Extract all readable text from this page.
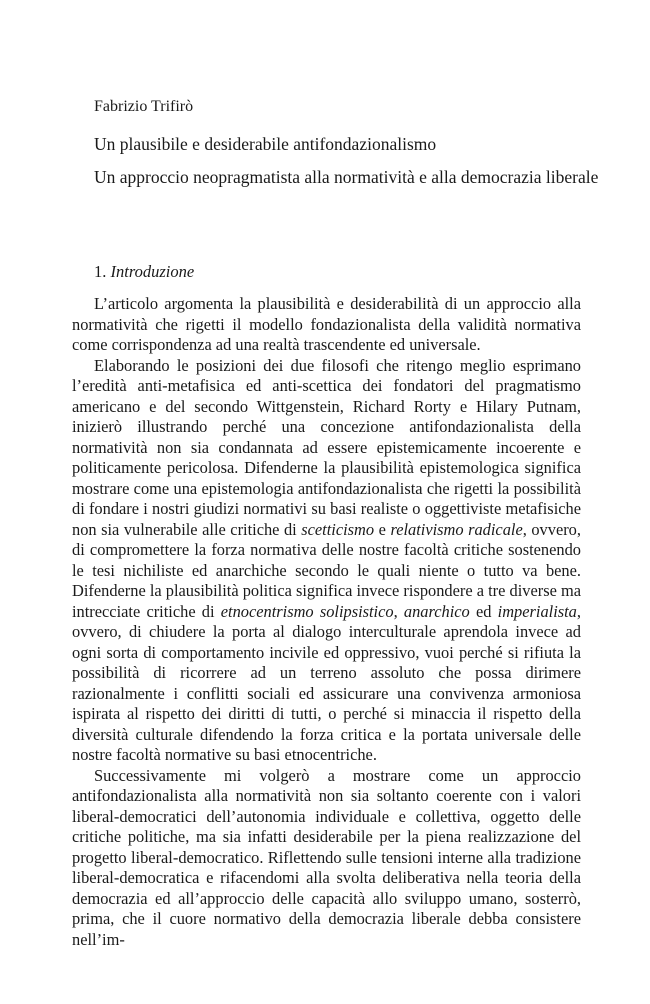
Fabrizio Trifirò

Un plausibile e desiderabile antifondazionalismo
Un approccio neopragmatista alla normatività e alla democrazia liberale
1. Introduzione

L’articolo argomenta la plausibilità e desiderabilità di un approccio alla normatività che rigetti il modello fondazionalista della validità normativa come corrispondenza ad una realtà trascendente ed universale.

Elaborando le posizioni dei due filosofi che ritengo meglio esprimano l’eredità anti-metafisica ed anti-scettica dei fondatori del pragmatismo americano e del secondo Wittgenstein, Richard Rorty e Hilary Putnam, inizierò illustrando perché una concezione antifondazionalista della normatività non sia condannata ad essere epistemicamente incoerente e politicamente pericolosa. Difenderne la plausibilità epistemologica significa mostrare come una epistemologia antifondazionalista che rigetti la possibilità di fondare i nostri giudizi normativi su basi realiste o oggettiviste metafisiche non sia vulnerabile alle critiche di scetticismo e relativismo radicale, ovvero, di compromettere la forza normativa delle nostre facoltà critiche sostenendo le tesi nichiliste ed anarchiche secondo le quali niente o tutto va bene. Difenderne la plausibilità politica significa invece rispondere a tre diverse ma intrecciate critiche di etnocentrismo solipsistico, anarchico ed imperialista, ovvero, di chiudere la porta al dialogo interculturale aprendola invece ad ogni sorta di comportamento incivile ed oppressivo, vuoi perché si rifiuta la possibilità di ricorrere ad un terreno assoluto che possa dirimere razionalmente i conflitti sociali ed assicurare una convivenza armoniosa ispirata al rispetto dei diritti di tutti, o perché si minaccia il rispetto della diversità culturale difendendo la forza critica e la portata universale delle nostre facoltà normative su basi etnocentriche.

Successivamente mi volgerò a mostrare come un approccio antifondazionalista alla normatività non sia soltanto coerente con i valori liberal-democratici dell’autonomia individuale e collettiva, oggetto delle critiche politiche, ma sia infatti desiderabile per la piena realizzazione del progetto liberal-democratico. Riflettendo sulle tensioni interne alla tradizione liberal-democratica e rifacendomi alla svolta deliberativa nella teoria della democrazia ed all’approccio delle capacità allo sviluppo umano, sosterrò, prima, che il cuore normativo della democrazia liberale debba consistere nell’im-
